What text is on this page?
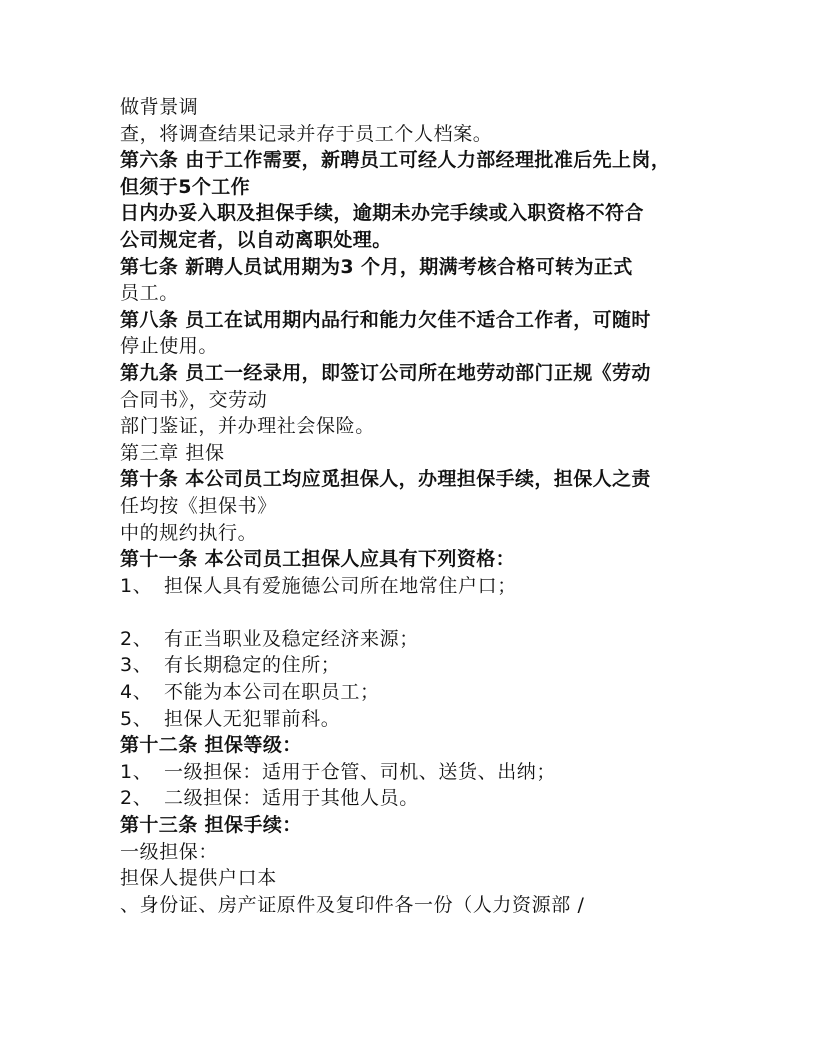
做背景调
查，将调查结果记录并存于员工个人档案。
第六条 由于工作需要，新聘员工可经人力部经理批准后先上岗，
但须于5个工作
日内办妥入职及担保手续，逾期未办完手续或入职资格不符合
公司规定者，以自动离职处理。
第七条 新聘人员试用期为3 个月，期满考核合格可转为正式
员工。
第八条 员工在试用期内品行和能力欠佳不适合工作者，可随时
停止使用。
第九条 员工一经录用，即签订公司所在地劳动部门正规《劳动
合同书》，交劳动
部门鉴证，并办理社会保险。
第三章 担保
第十条 本公司员工均应觅担保人，办理担保手续，担保人之责
任均按《担保书》
中的规约执行。
第十一条 本公司员工担保人应具有下列资格：
1、 担保人具有爱施德公司所在地常住户口；
2、 有正当职业及稳定经济来源；
3、 有长期稳定的住所；
4、 不能为本公司在职员工；
5、 担保人无犯罪前科。
第十二条 担保等级：
1、 一级担保：适用于仓管、司机、送货、出纳；
2、 二级担保：适用于其他人员。
第十三条 担保手续：
一级担保：
担保人提供户口本
、身份证、房产证原件及复印件各一份（人力资源部 /
